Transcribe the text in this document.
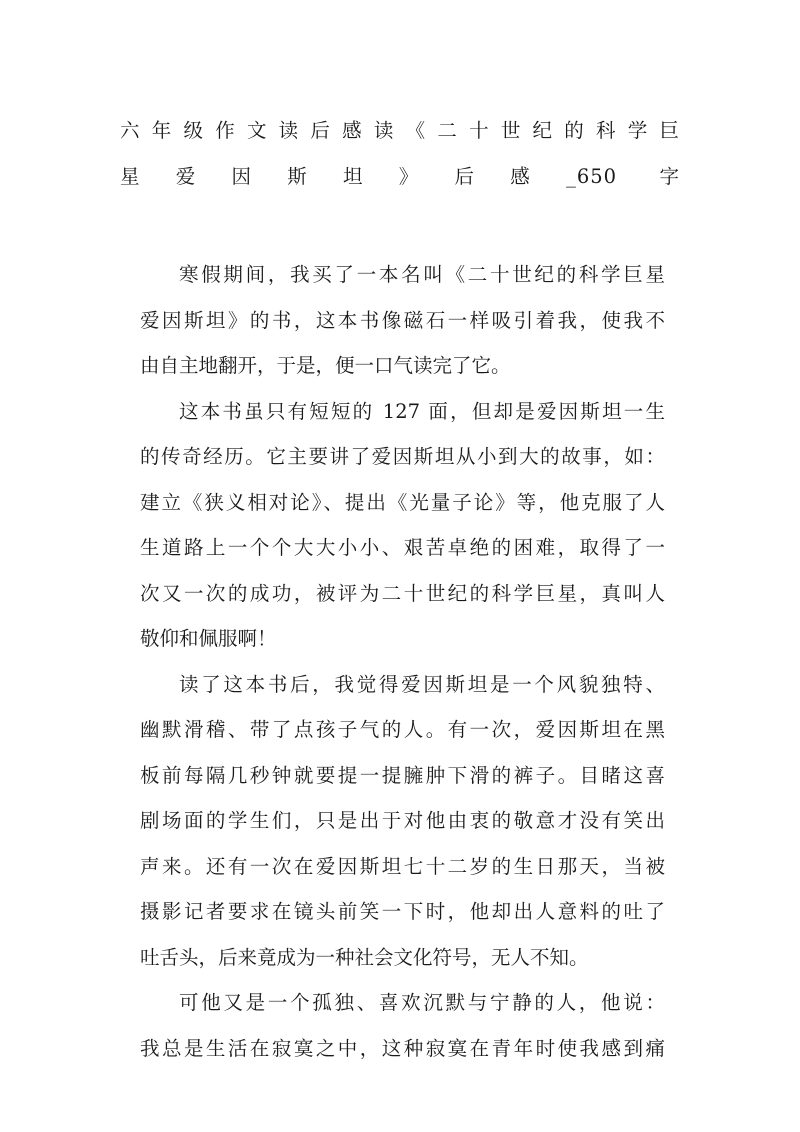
六年级作文读后感读《二十世纪的科学巨
星爱因斯坦》后感_650 字
寒假期间，我买了一本名叫《二十世纪的科学巨星
爱因斯坦》的书，这本书像磁石一样吸引着我，使我不
由自主地翻开，于是，便一口气读完了它。
这本书虽只有短短的 127 面，但却是爱因斯坦一生
的传奇经历。它主要讲了爱因斯坦从小到大的故事，如：
建立《狭义相对论》、提出《光量子论》等，他克服了人
生道路上一个个大大小小、艰苦卓绝的困难，取得了一
次又一次的成功，被评为二十世纪的科学巨星，真叫人
敬仰和佩服啊！
读了这本书后，我觉得爱因斯坦是一个风貌独特、
幽默滑稽、带了点孩子气的人。有一次，爱因斯坦在黑
板前每隔几秒钟就要提一提臃肿下滑的裤子。目睹这喜
剧场面的学生们，只是出于对他由衷的敬意才没有笑出
声来。还有一次在爱因斯坦七十二岁的生日那天，当被
摄影记者要求在镜头前笑一下时，他却出人意料的吐了
吐舌头，后来竟成为一种社会文化符号，无人不知。
可他又是一个孤独、喜欢沉默与宁静的人，他说：
我总是生活在寂寞之中，这种寂寞在青年时使我感到痛
